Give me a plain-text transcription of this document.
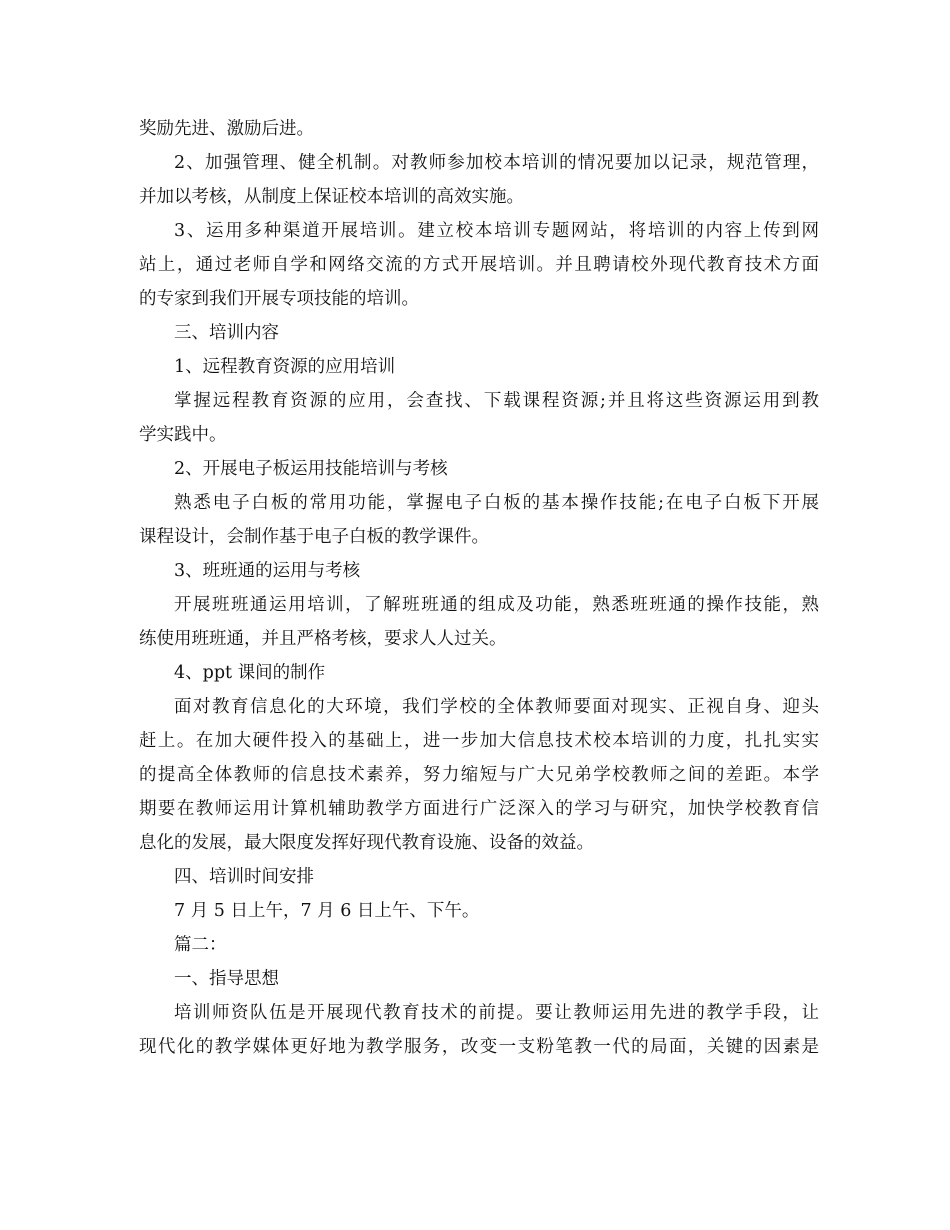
奖励先进、激励后进。
2、加强管理、健全机制。对教师参加校本培训的情况要加以记录，规范管理，
并加以考核，从制度上保证校本培训的高效实施。
3、运用多种渠道开展培训。建立校本培训专题网站，将培训的内容上传到网
站上，通过老师自学和网络交流的方式开展培训。并且聘请校外现代教育技术方面
的专家到我们开展专项技能的培训。
三、培训内容
1、远程教育资源的应用培训
掌握远程教育资源的应用，会查找、下载课程资源;并且将这些资源运用到教
学实践中。
2、开展电子板运用技能培训与考核
熟悉电子白板的常用功能，掌握电子白板的基本操作技能;在电子白板下开展
课程设计，会制作基于电子白板的教学课件。
3、班班通的运用与考核
开展班班通运用培训，了解班班通的组成及功能，熟悉班班通的操作技能，熟
练使用班班通，并且严格考核，要求人人过关。
4、ppt 课间的制作
面对教育信息化的大环境，我们学校的全体教师要面对现实、正视自身、迎头
赶上。在加大硬件投入的基础上，进一步加大信息技术校本培训的力度，扎扎实实
的提高全体教师的信息技术素养，努力缩短与广大兄弟学校教师之间的差距。本学
期要在教师运用计算机辅助教学方面进行广泛深入的学习与研究，加快学校教育信
息化的发展，最大限度发挥好现代教育设施、设备的效益。
四、培训时间安排
7 月 5 日上午，7 月 6 日上午、下午。
篇二：
一、指导思想
培训师资队伍是开展现代教育技术的前提。要让教师运用先进的教学手段，让
现代化的教学媒体更好地为教学服务，改变一支粉笔教一代的局面，关键的因素是
